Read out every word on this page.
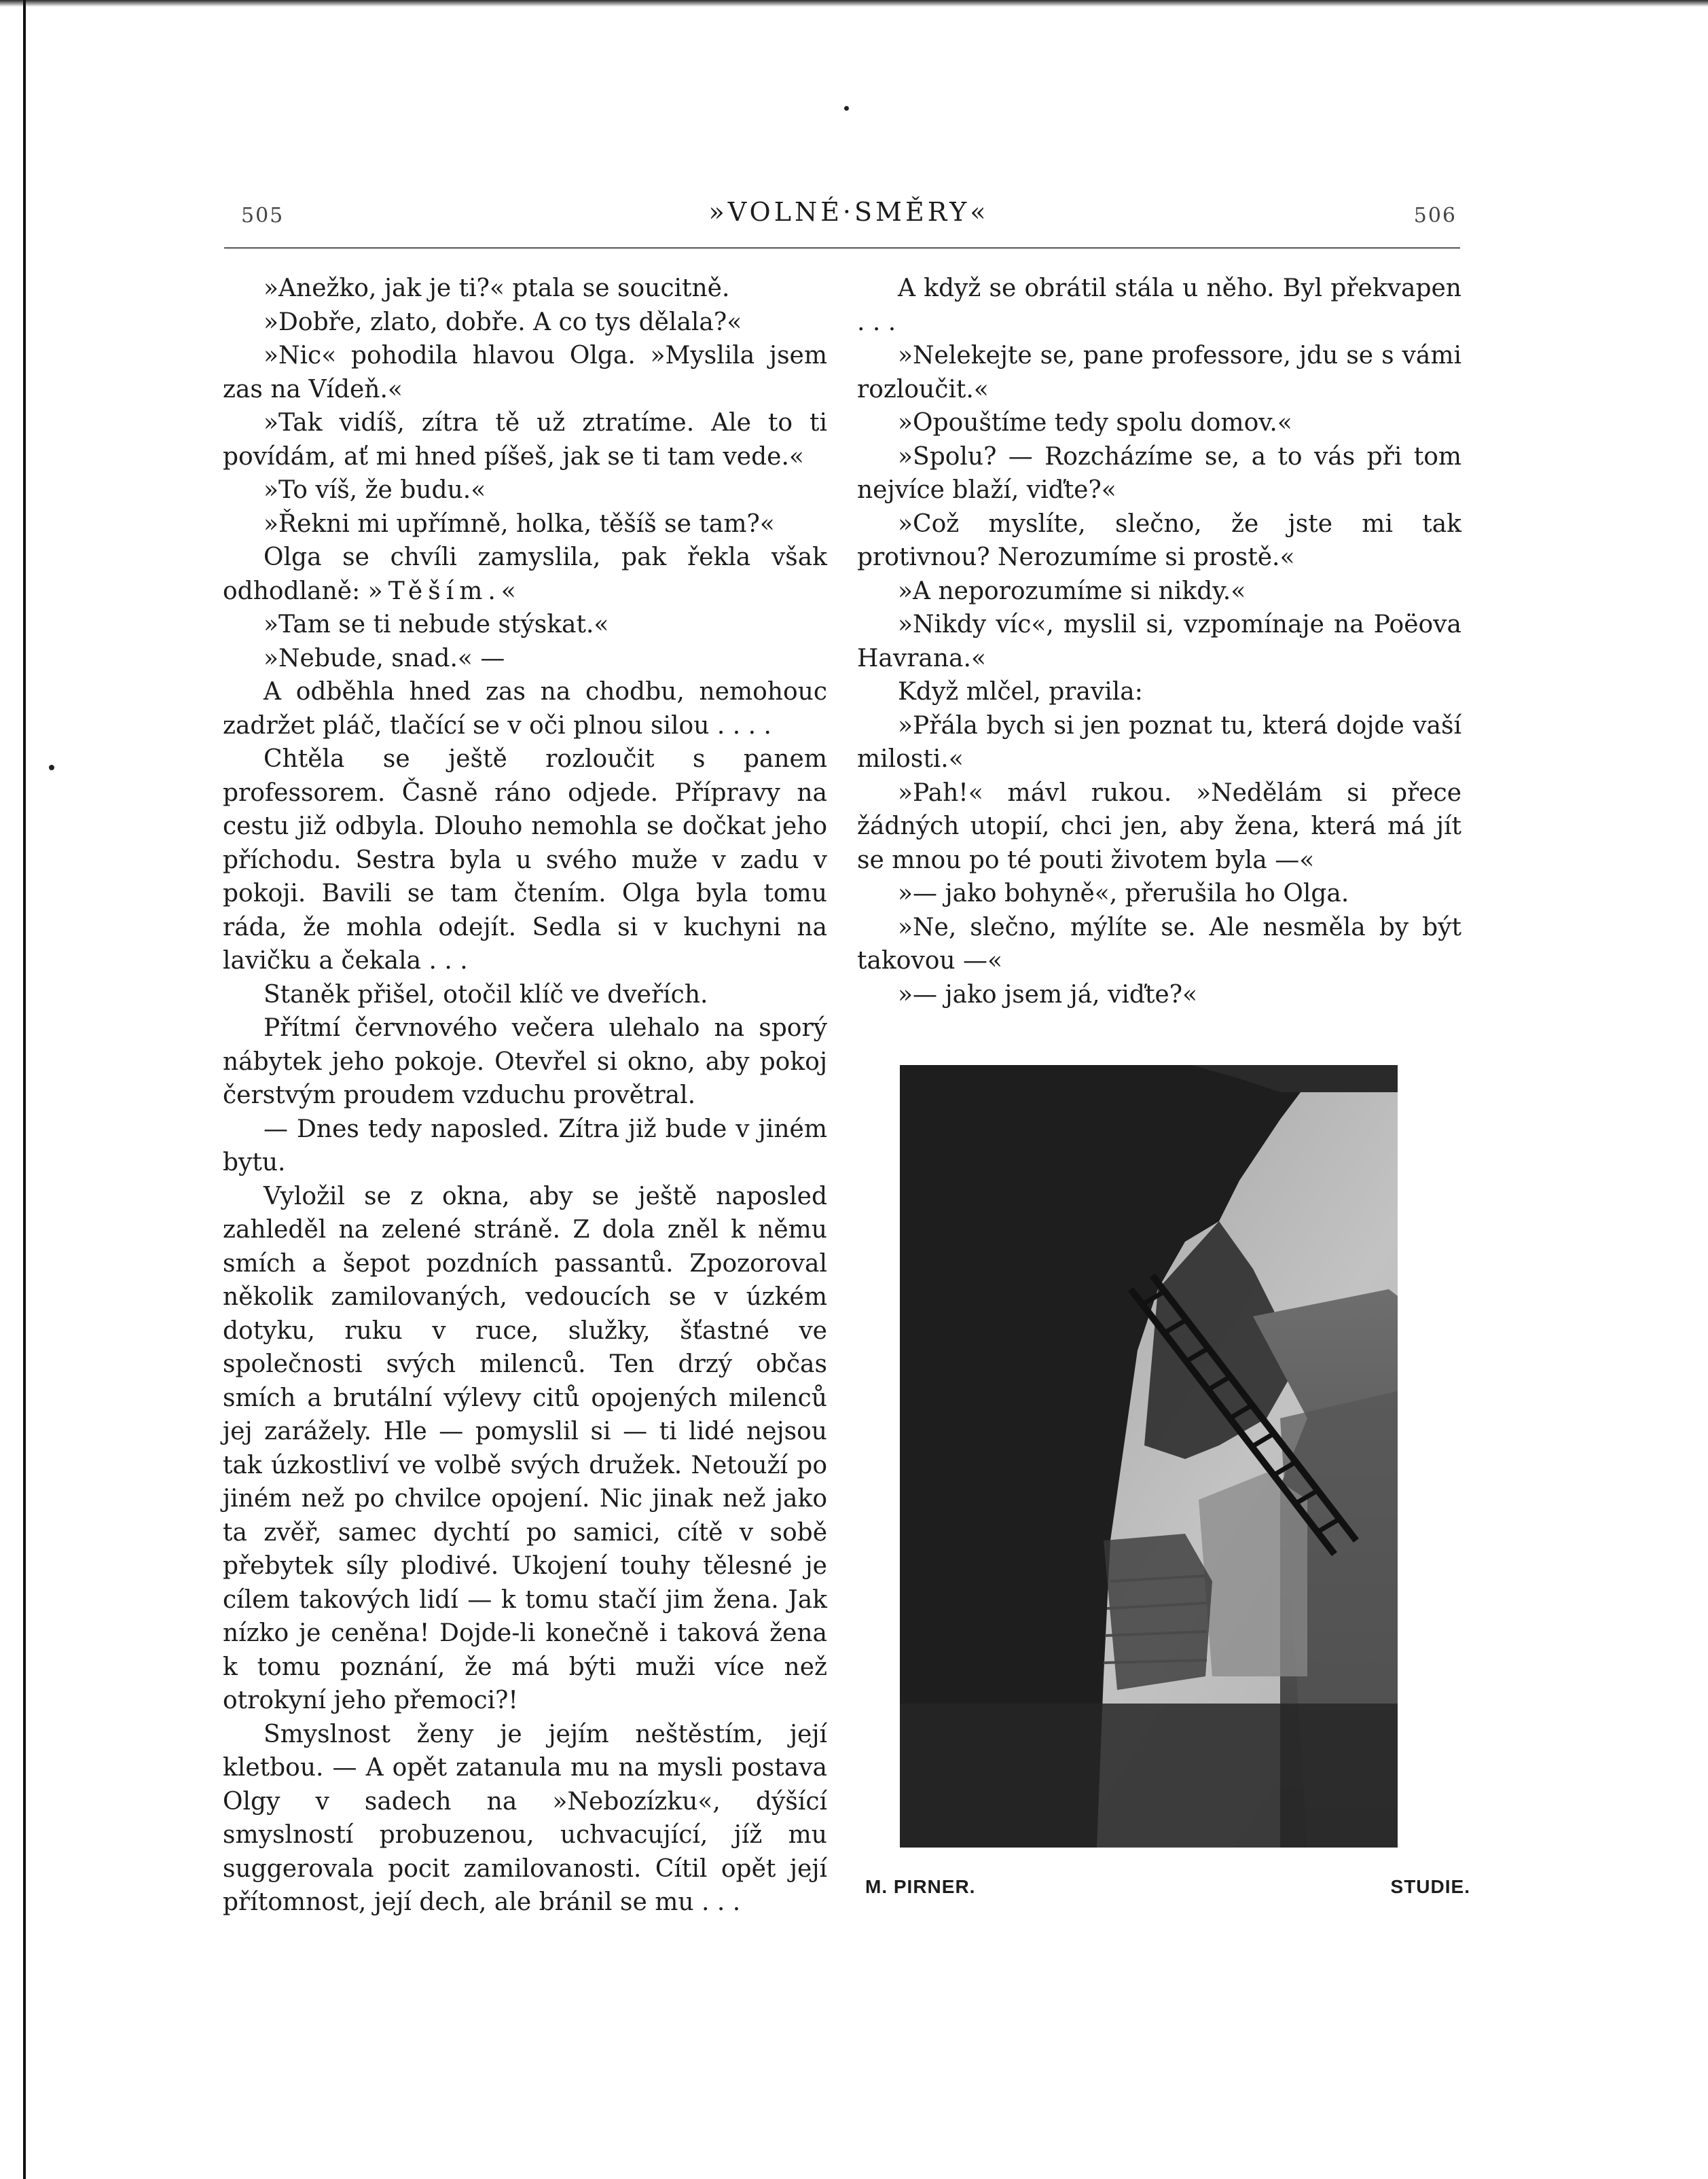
505	»VOLNÉ·SMĚRY«	506

»Anežko, jak je ti?« ptala se soucitně.

»Dobře, zlato, dobře. A co tys dělala?«

»Nic« pohodila hlavou Olga. »Myslila jsem zas na Vídeň.«

»Tak vidíš, zítra tě už ztratíme. Ale to ti povídám, ať mi hned píšeš, jak se ti tam vede.«

»To víš, že budu.«

»Řekni mi upřímně, holka, těšíš se tam?«

Olga se chvíli zamyslila, pak řekla však odhodlaně: »Těším.«

»Tam se ti nebude stýskat.«

»Nebude, snad.« —

A odběhla hned zas na chodbu, nemohouc zadržet pláč, tlačící se v oči plnou silou . . . .

Chtěla se ještě rozloučit s panem professorem. Časně ráno odjede. Přípravy na cestu již odbyla. Dlouho nemohla se dočkat jeho příchodu. Sestra byla u svého muže v zadu v pokoji. Bavili se tam čtením. Olga byla tomu ráda, že mohla odejít. Sedla si v kuchyni na lavičku a čekala . . .

Staněk přišel, otočil klíč ve dveřích.

Přítmí červnového večera ulehalo na sporý nábytek jeho pokoje. Otevřel si okno, aby pokoj čerstvým proudem vzduchu provětral.

— Dnes tedy naposled. Zítra již bude v jiném bytu.

Vyložil se z okna, aby se ještě naposled zahleděl na zelené stráně. Z dola zněl k němu smích a šepot pozdních passantů. Zpozoroval několik zamilovaných, vedoucích se v úzkém dotyku, ruku v ruce, služky, šťastné ve společnosti svých milenců. Ten drzý občas smích a brutální výlevy citů opojených milenců jej zarážely. Hle — pomyslil si — ti lidé nejsou tak úzkostliví ve volbě svých družek. Netouží po jiném než po chvilce opojení. Nic jinak než jako ta zvěř, samec dychtí po samici, cítě v sobě přebytek síly plodivé. Ukojení touhy tělesné je cílem takových lidí — k tomu stačí jim žena. Jak nízko je ceněna! Dojde-li konečně i taková žena k tomu poznání, že má býti muži více než otrokyní jeho přemoci?!

Smyslnost ženy je jejím neštěstím, její kletbou. — A opět zatanula mu na mysli postava Olgy v sadech na »Nebozízku«, dýšící smyslností probuzenou, uchvacující, jíž mu suggerovala pocit zamilovanosti. Cítil opět její přítomnost, její dech, ale bránil se mu . . .

A když se obrátil stála u něho. Byl překvapen . . .

»Nelekejte se, pane professore, jdu se s vámi rozloučit.«

»Opouštíme tedy spolu domov.«

»Spolu? — Rozcházíme se, a to vás při tom nejvíce blaží, viďte?«

»Což myslíte, slečno, že jste mi tak protivnou? Nerozumíme si prostě.«

»A neporozumíme si nikdy.«

»Nikdy víc«, myslil si, vzpomínaje na Poëova Havrana.«

Když mlčel, pravila:

»Přála bych si jen poznat tu, která dojde vaší milosti.«

»Pah!« mávl rukou. »Nedělám si přece žádných utopií, chci jen, aby žena, která má jít se mnou po té pouti životem byla —«

»— jako bohyně«, přerušila ho Olga.

»Ne, slečno, mýlíte se. Ale nesměla by být takovou —«

»— jako jsem já, viďte?«

M. PIRNER.	STUDIE.
